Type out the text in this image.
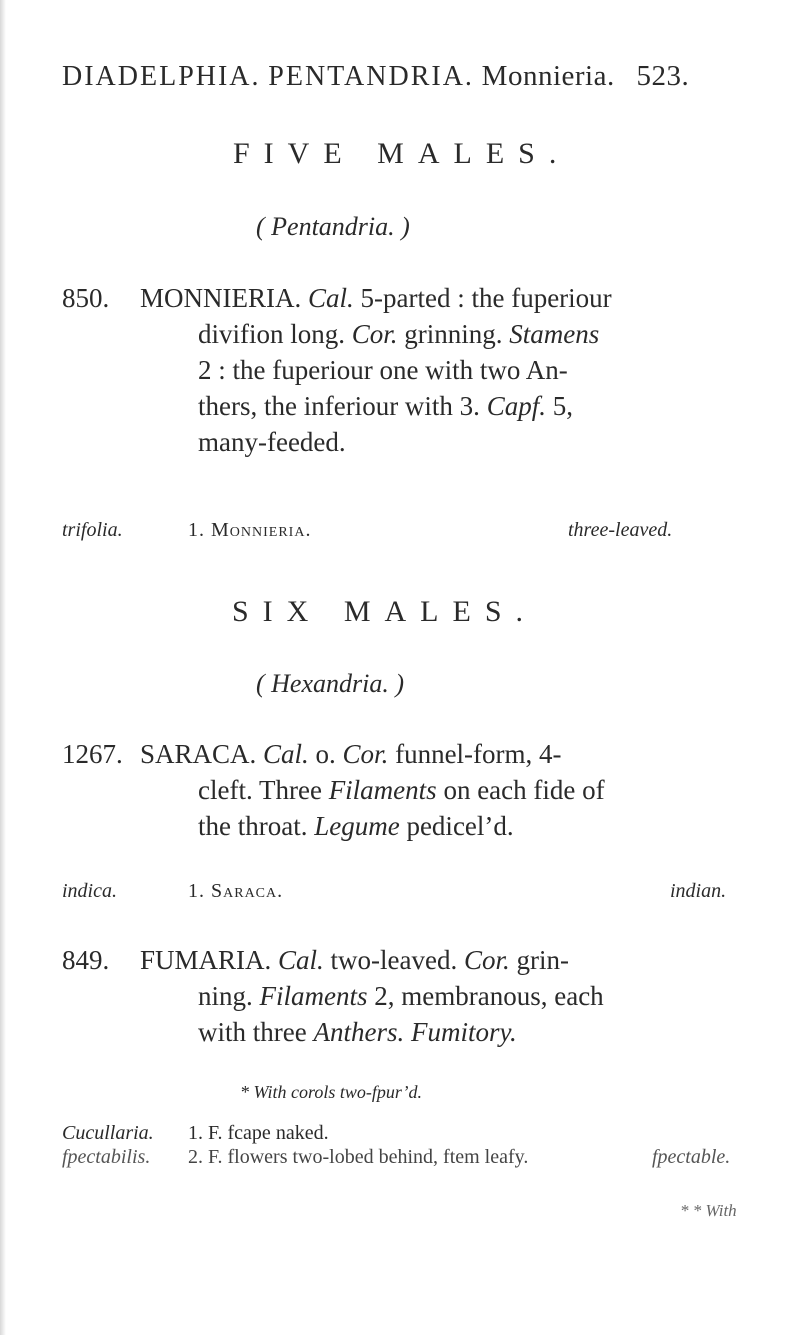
DIADELPHIA. PENTANDRIA. Monnieria. 523.
FIVE MALES.
( Pentandria. )
850. MONNIERIA. Cal. 5-parted : the fuperiour
divifion long. Cor. grinning. Stamens
2 : the fuperiour one with two An-
thers, the inferiour with 3. Capf. 5,
many-feeded.
trifolia.	1. Monnieria.	three-leaved.
SIX MALES.
( Hexandria. )
1267. SARACA. Cal. o. Cor. funnel-form, 4-
cleft. Three Filaments on each fide of
the throat. Legume pedicel’d.
indica.	1. Saraca.	indian.
849. FUMARIA. Cal. two-leaved. Cor. grin-
ning. Filaments 2, membranous, each
with three Anthers. Fumitory.
* With corols two-fpur’d.
Cucullaria. 1. F. fcape naked.
fpectabilis. 2. F. flowers two-lobed behind, ftem leafy.	fpectable.
* * With
